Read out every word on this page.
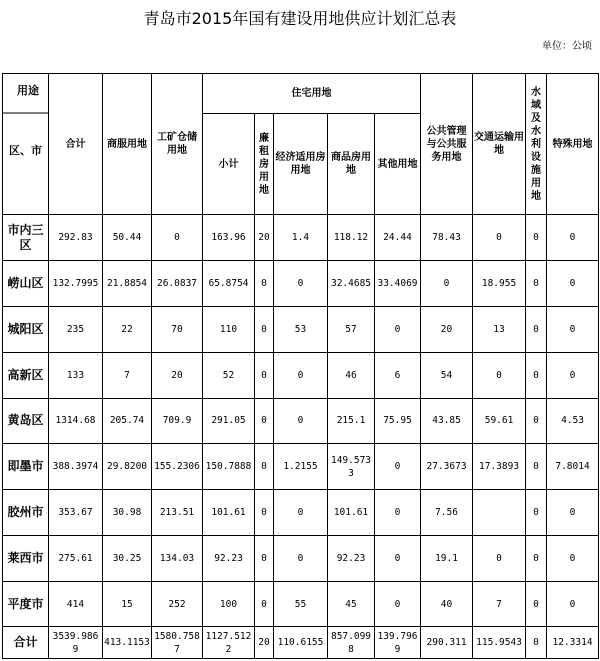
青岛市2015年国有建设用地供应计划汇总表
单位：公顷
用途
区、市	合计	商服用地	工矿仓储用地	住宅用地					公共管理与公共服务用地	交通运输用地	水域及水利设施用地	特殊用地
				小计	廉租房用地	经济适用房用地	商品房用地	其他用地				

市内三区	292.83	50.44	0	163.96	20	1.4	118.12	24.44	78.43	0	0	0
崂山区	132.7995	21.8854	26.0837	65.8754	0	0	32.4685	33.4069	0	18.955	0	0
城阳区	235	22	70	110	0	53	57	0	20	13	0	0
高新区	133	7	20	52	0	0	46	6	54	0	0	0
黄岛区	1314.68	205.74	709.9	291.05	0	0	215.1	75.95	43.85	59.61	0	4.53
即墨市	388.3974	29.8200	155.2306	150.7888	0	1.2155	149.5733	0	27.3673	17.3893	0	7.8014
胶州市	353.67	30.98	213.51	101.61	0	0	101.61	0	7.56		0	0
莱西市	275.61	30.25	134.03	92.23	0	0	92.23	0	19.1	0	0	0
平度市	414	15	252	100	0	55	45	0	40	7	0	0
合计	3539.9869	413.1153	1580.7587	1127.5122	20	110.6155	857.0998	139.7969	290.311	115.9543	0	12.3314
